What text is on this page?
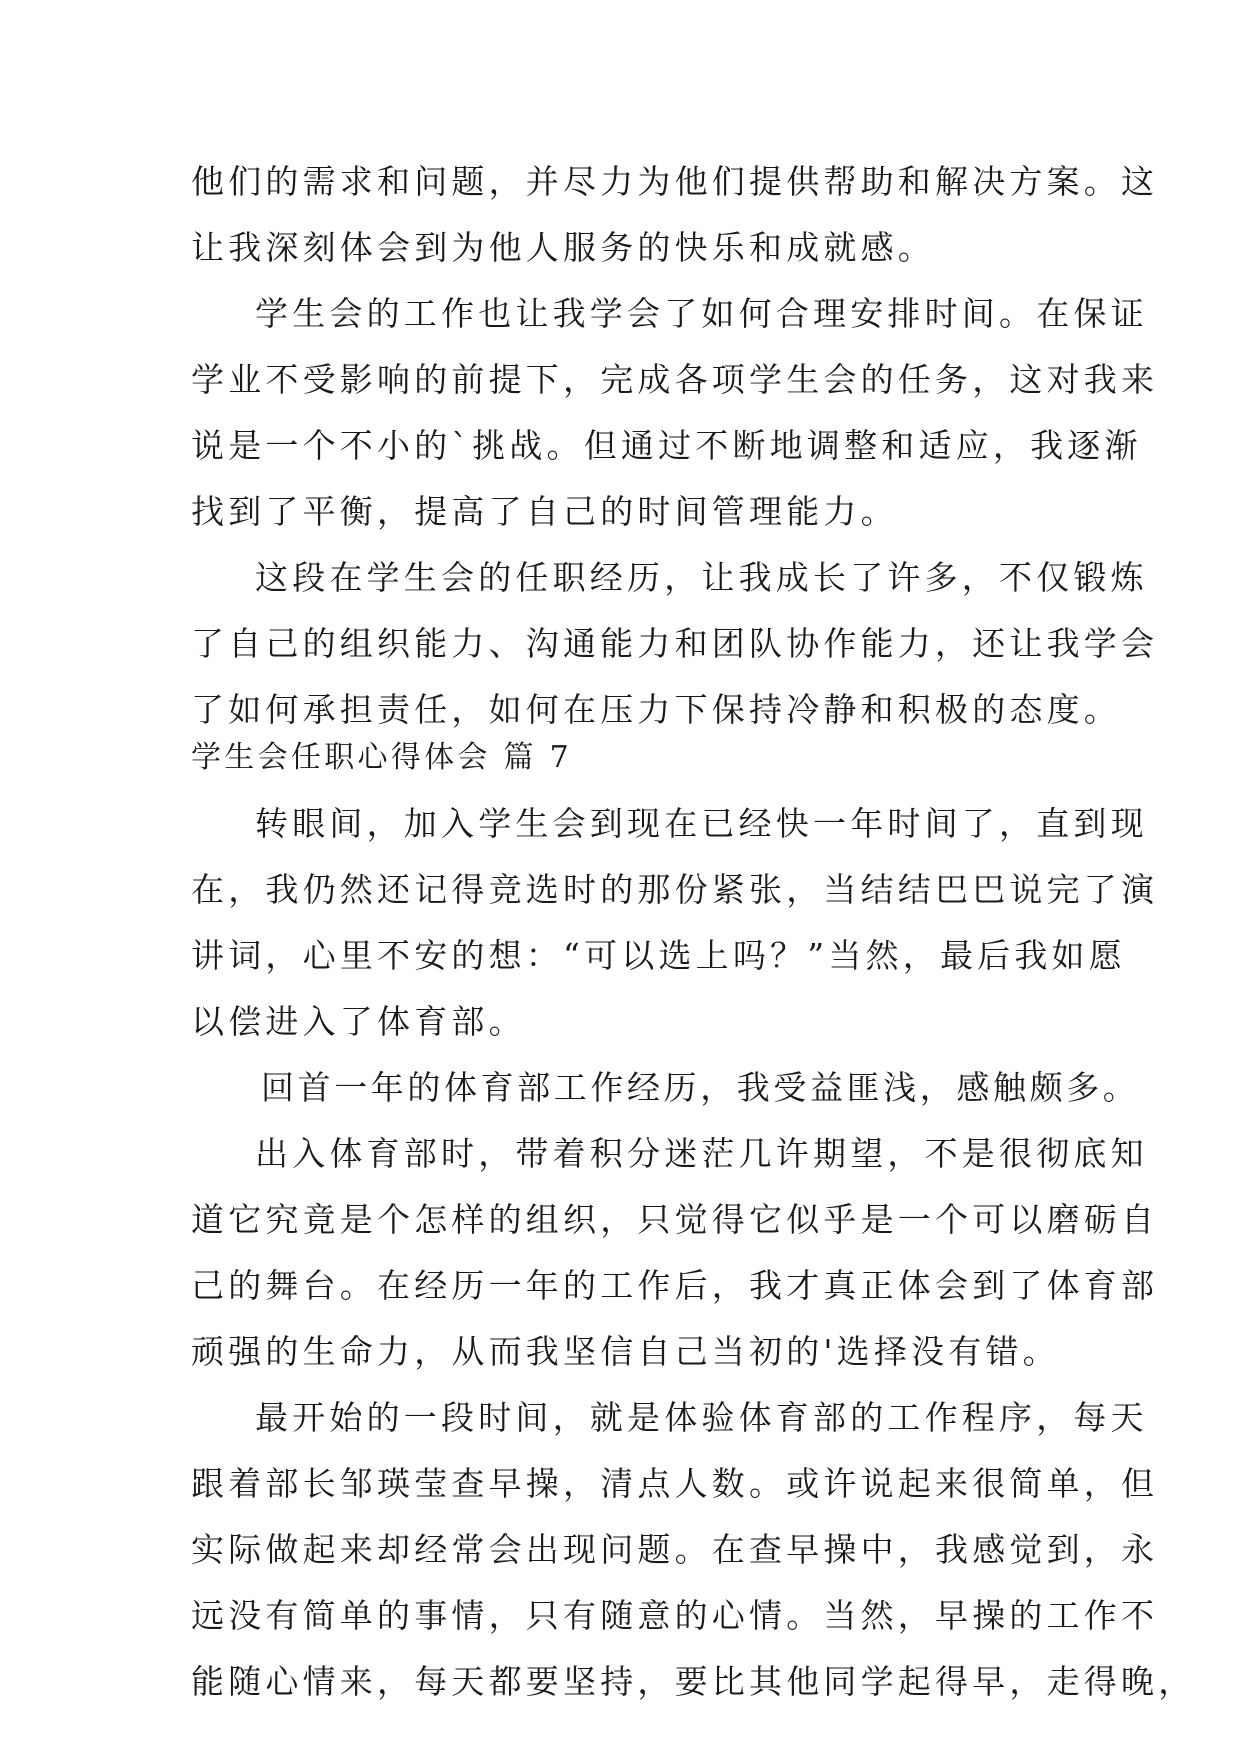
他们的需求和问题，并尽力为他们提供帮助和解决方案。这
让我深刻体会到为他人服务的快乐和成就感。
学生会的工作也让我学会了如何合理安排时间。在保证
学业不受影响的前提下，完成各项学生会的任务，这对我来
说是一个不小的`挑战。但通过不断地调整和适应，我逐渐
找到了平衡，提高了自己的时间管理能力。
这段在学生会的任职经历，让我成长了许多，不仅锻炼
了自己的组织能力、沟通能力和团队协作能力，还让我学会
了如何承担责任，如何在压力下保持冷静和积极的态度。
学生会任职心得体会 篇 7
转眼间，加入学生会到现在已经快一年时间了，直到现
在，我仍然还记得竞选时的那份紧张，当结结巴巴说完了演
讲词，心里不安的想：“可以选上吗？”当然，最后我如愿
以偿进入了体育部。
回首一年的体育部工作经历，我受益匪浅，感触颇多。
出入体育部时，带着积分迷茫几许期望，不是很彻底知
道它究竟是个怎样的组织，只觉得它似乎是一个可以磨砺自
己的舞台。在经历一年的工作后，我才真正体会到了体育部
顽强的生命力，从而我坚信自己当初的'选择没有错。
最开始的一段时间，就是体验体育部的工作程序，每天
跟着部长邹瑛莹查早操，清点人数。或许说起来很简单，但
实际做起来却经常会出现问题。在查早操中，我感觉到，永
远没有简单的事情，只有随意的心情。当然，早操的工作不
能随心情来，每天都要坚持，要比其他同学起得早，走得晚，
